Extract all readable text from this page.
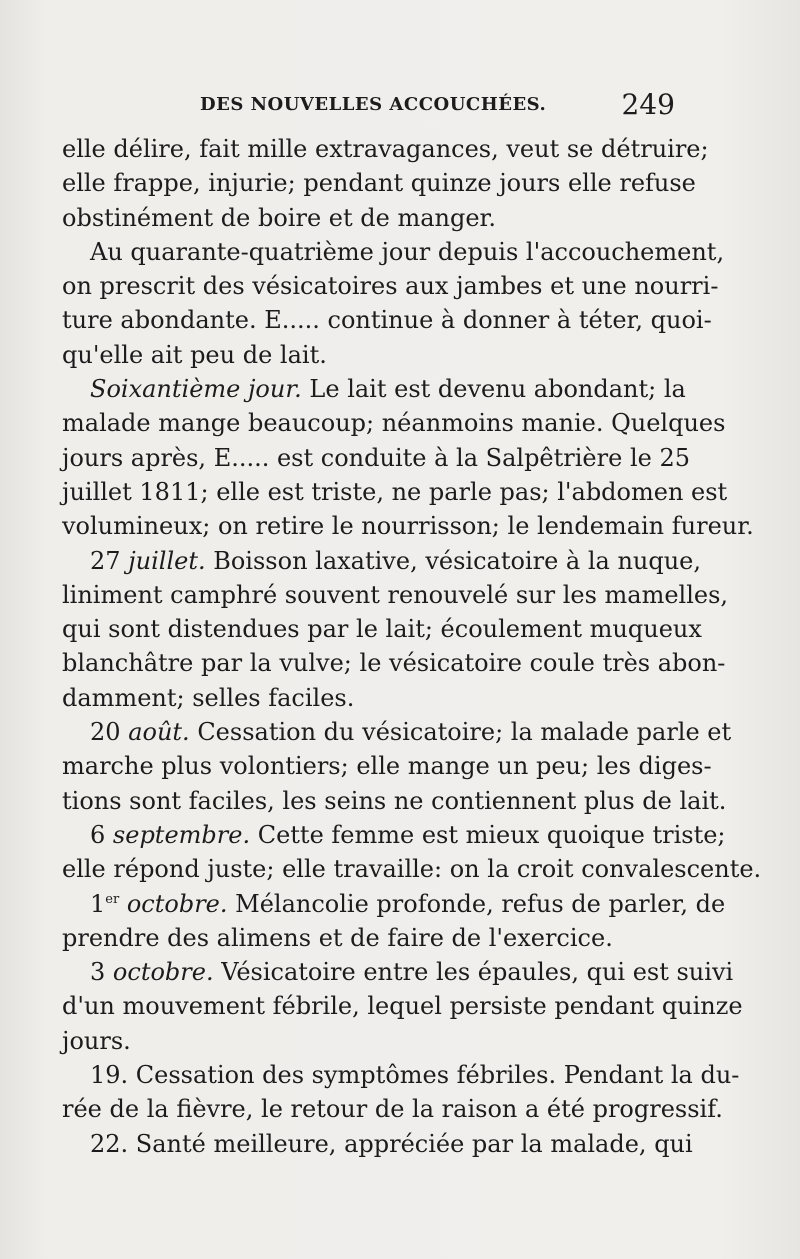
DES NOUVELLES ACCOUCHÉES.	249
elle délire, fait mille extravagances, veut se détruire;
elle frappe, injurie; pendant quinze jours elle refuse
obstinément de boire et de manger.
Au quarante-quatrième jour depuis l'accouchement,
on prescrit des vésicatoires aux jambes et une nourri-
ture abondante. E..... continue à donner à téter, quoi-
qu'elle ait peu de lait.
Soixantième jour. Le lait est devenu abondant; la
malade mange beaucoup; néanmoins manie. Quelques
jours après, E..... est conduite à la Salpêtrière le 25
juillet 1811; elle est triste, ne parle pas; l'abdomen est
volumineux; on retire le nourrisson; le lendemain fureur.
27 juillet. Boisson laxative, vésicatoire à la nuque,
liniment camphré souvent renouvelé sur les mamelles,
qui sont distendues par le lait; écoulement muqueux
blanchâtre par la vulve; le vésicatoire coule très abon-
damment; selles faciles.
20 août. Cessation du vésicatoire; la malade parle et
marche plus volontiers; elle mange un peu; les diges-
tions sont faciles, les seins ne contiennent plus de lait.
6 septembre. Cette femme est mieux quoique triste;
elle répond juste; elle travaille: on la croit convalescente.
1er octobre. Mélancolie profonde, refus de parler, de
prendre des alimens et de faire de l'exercice.
3 octobre. Vésicatoire entre les épaules, qui est suivi
d'un mouvement fébrile, lequel persiste pendant quinze
jours.
19. Cessation des symptômes fébriles. Pendant la du-
rée de la fièvre, le retour de la raison a été progressif.
22. Santé meilleure, appréciée par la malade, qui
